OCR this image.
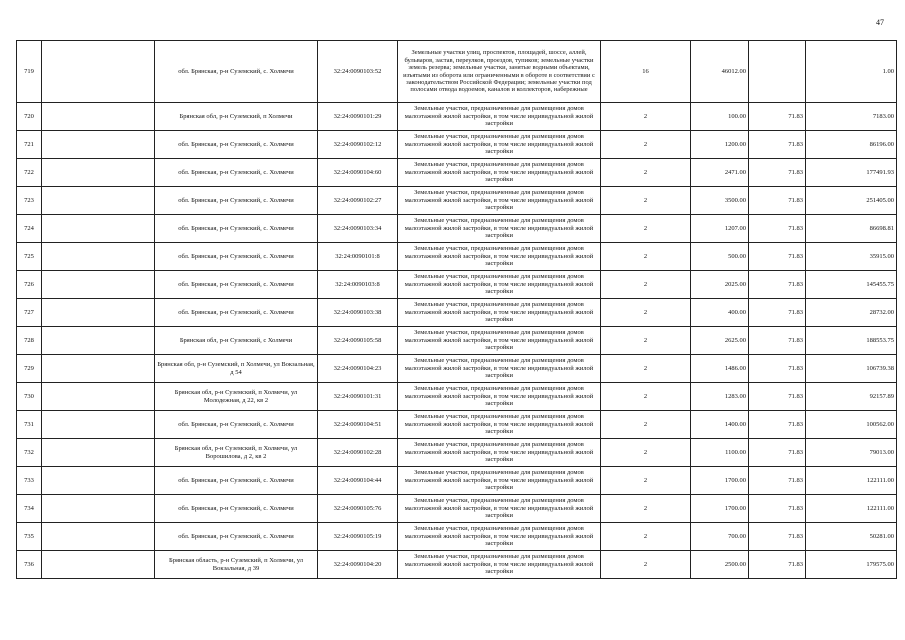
47
719		обл. Брянская, р-н Суземский, с. Холмечи	32:24:0090103:52	Земельные участки улиц, проспектов, площадей, шоссе, аллей, бульваров, застав, переулков, проездов, тупиков; земельные участки земель резерва; земельные участки, занятые водными объектами, изъятыми из оборота или ограниченными в обороте в соответствии с законодательством Российской Федерации; земельные участки под полосами отвода водоемов, каналов и коллекторов, набережные	16	46012.00		1.00
720		Брянская обл, р-н Суземский, п Холмечи	32:24:0090101:29	Земельные участки, предназначенные для размещения домов малоэтажной жилой застройки, в том числе индивидуальной жилой застройки	2	100.00	71.83	7183.00
721		обл. Брянская, р-н Суземский, с. Холмечи	32:24:0090102:12	Земельные участки, предназначенные для размещения домов малоэтажной жилой застройки, в том числе индивидуальной жилой застройки	2	1200.00	71.83	86196.00
722		обл. Брянская, р-н Суземский, с. Холмечи	32:24:0090104:60	Земельные участки, предназначенные для размещения домов малоэтажной жилой застройки, в том числе индивидуальной жилой застройки	2	2471.00	71.83	177491.93
723		обл. Брянская, р-н Суземский, с. Холмечи	32:24:0090102:27	Земельные участки, предназначенные для размещения домов малоэтажной жилой застройки, в том числе индивидуальной жилой застройки	2	3500.00	71.83	251405.00
724		обл. Брянская, р-н Суземский, с. Холмечи	32:24:0090103:34	Земельные участки, предназначенные для размещения домов малоэтажной жилой застройки, в том числе индивидуальной жилой застройки	2	1207.00	71.83	86698.81
725		обл. Брянская, р-н Суземский, с. Холмечи	32:24:0090101:8	Земельные участки, предназначенные для размещения домов малоэтажной жилой застройки, в том числе индивидуальной жилой застройки	2	500.00	71.83	35915.00
726		обл. Брянская, р-н Суземский, с. Холмечи	32:24:0090103:8	Земельные участки, предназначенные для размещения домов малоэтажной жилой застройки, в том числе индивидуальной жилой застройки	2	2025.00	71.83	145455.75
727		обл. Брянская, р-н Суземский, с. Холмечи	32:24:0090103:38	Земельные участки, предназначенные для размещения домов малоэтажной жилой застройки, в том числе индивидуальной жилой застройки	2	400.00	71.83	28732.00
728		Брянская обл, р-н Суземский, с Холмечи	32:24:0090105:58	Земельные участки, предназначенные для размещения домов малоэтажной жилой застройки, в том числе индивидуальной жилой застройки	2	2625.00	71.83	188553.75
729		Брянская обл, р-н Суземский, п Холмечи, ул Вокзальная, д 54	32:24:0090104:23	Земельные участки, предназначенные для размещения домов малоэтажной жилой застройки, в том числе индивидуальной жилой застройки	2	1486.00	71.83	106739.38
730		Брянская обл, р-н Суземский, п Холмечи, ул Молодежная, д 22, кв 2	32:24:0090101:31	Земельные участки, предназначенные для размещения домов малоэтажной жилой застройки, в том числе индивидуальной жилой застройки	2	1283.00	71.83	92157.89
731		обл. Брянская, р-н Суземский, с. Холмечи	32:24:0090104:51	Земельные участки, предназначенные для размещения домов малоэтажной жилой застройки, в том числе индивидуальной жилой застройки	2	1400.00	71.83	100562.00
732		Брянская обл, р-н Суземский, п Холмечи, ул Ворошилова, д 2, кв 2	32:24:0090102:28	Земельные участки, предназначенные для размещения домов малоэтажной жилой застройки, в том числе индивидуальной жилой застройки	2	1100.00	71.83	79013.00
733		обл. Брянская, р-н Суземский, с. Холмечи	32:24:0090104:44	Земельные участки, предназначенные для размещения домов малоэтажной жилой застройки, в том числе индивидуальной жилой застройки	2	1700.00	71.83	122111.00
734		обл. Брянская, р-н Суземский, с. Холмечи	32:24:0090105:76	Земельные участки, предназначенные для размещения домов малоэтажной жилой застройки, в том числе индивидуальной жилой застройки	2	1700.00	71.83	122111.00
735		обл. Брянская, р-н Суземский, с. Холмечи	32:24:0090105:19	Земельные участки, предназначенные для размещения домов малоэтажной жилой застройки, в том числе индивидуальной жилой застройки	2	700.00	71.83	50281.00
736		Брянская область, р-н Суземский, п Холмечи, ул Вокзальная, д 39	32:24:0090104:20	Земельные участки, предназначенные для размещения домов малоэтажной жилой застройки, в том числе индивидуальной жилой застройки	2	2500.00	71.83	179575.00
